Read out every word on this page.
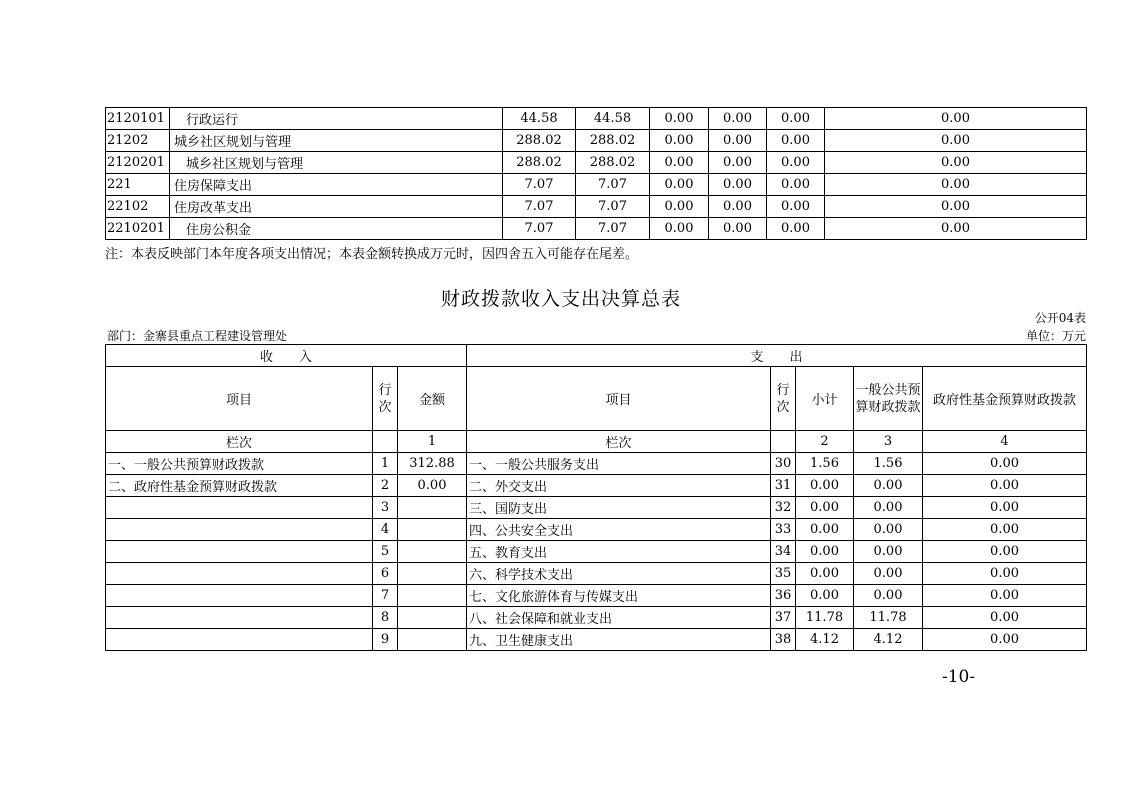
2120101	行政运行	44.58	44.58	0.00	0.00	0.00	0.00
21202	城乡社区规划与管理	288.02	288.02	0.00	0.00	0.00	0.00
2120201	城乡社区规划与管理	288.02	288.02	0.00	0.00	0.00	0.00
221	住房保障支出	7.07	7.07	0.00	0.00	0.00	0.00
22102	住房改革支出	7.07	7.07	0.00	0.00	0.00	0.00
2210201	住房公积金	7.07	7.07	0.00	0.00	0.00	0.00
注：本表反映部门本年度各项支出情况；本表金额转换成万元时，因四舍五入可能存在尾差。
财政拨款收入支出决算总表
公开04表
部门：金寨县重点工程建设管理处	单位：万元
收　　入			支　　出				
项目	行次	金额	项目	行次	小计	一般公共预算财政拨款	政府性基金预算财政拨款
栏次		1	栏次		2	3	4
一、一般公共预算财政拨款	1	312.88	一、一般公共服务支出	30	1.56	1.56	0.00
二、政府性基金预算财政拨款	2	0.00	二、外交支出	31	0.00	0.00	0.00
	3		三、国防支出	32	0.00	0.00	0.00
	4		四、公共安全支出	33	0.00	0.00	0.00
	5		五、教育支出	34	0.00	0.00	0.00
	6		六、科学技术支出	35	0.00	0.00	0.00
	7		七、文化旅游体育与传媒支出	36	0.00	0.00	0.00
	8		八、社会保障和就业支出	37	11.78	11.78	0.00
	9		九、卫生健康支出	38	4.12	4.12	0.00
-10-
